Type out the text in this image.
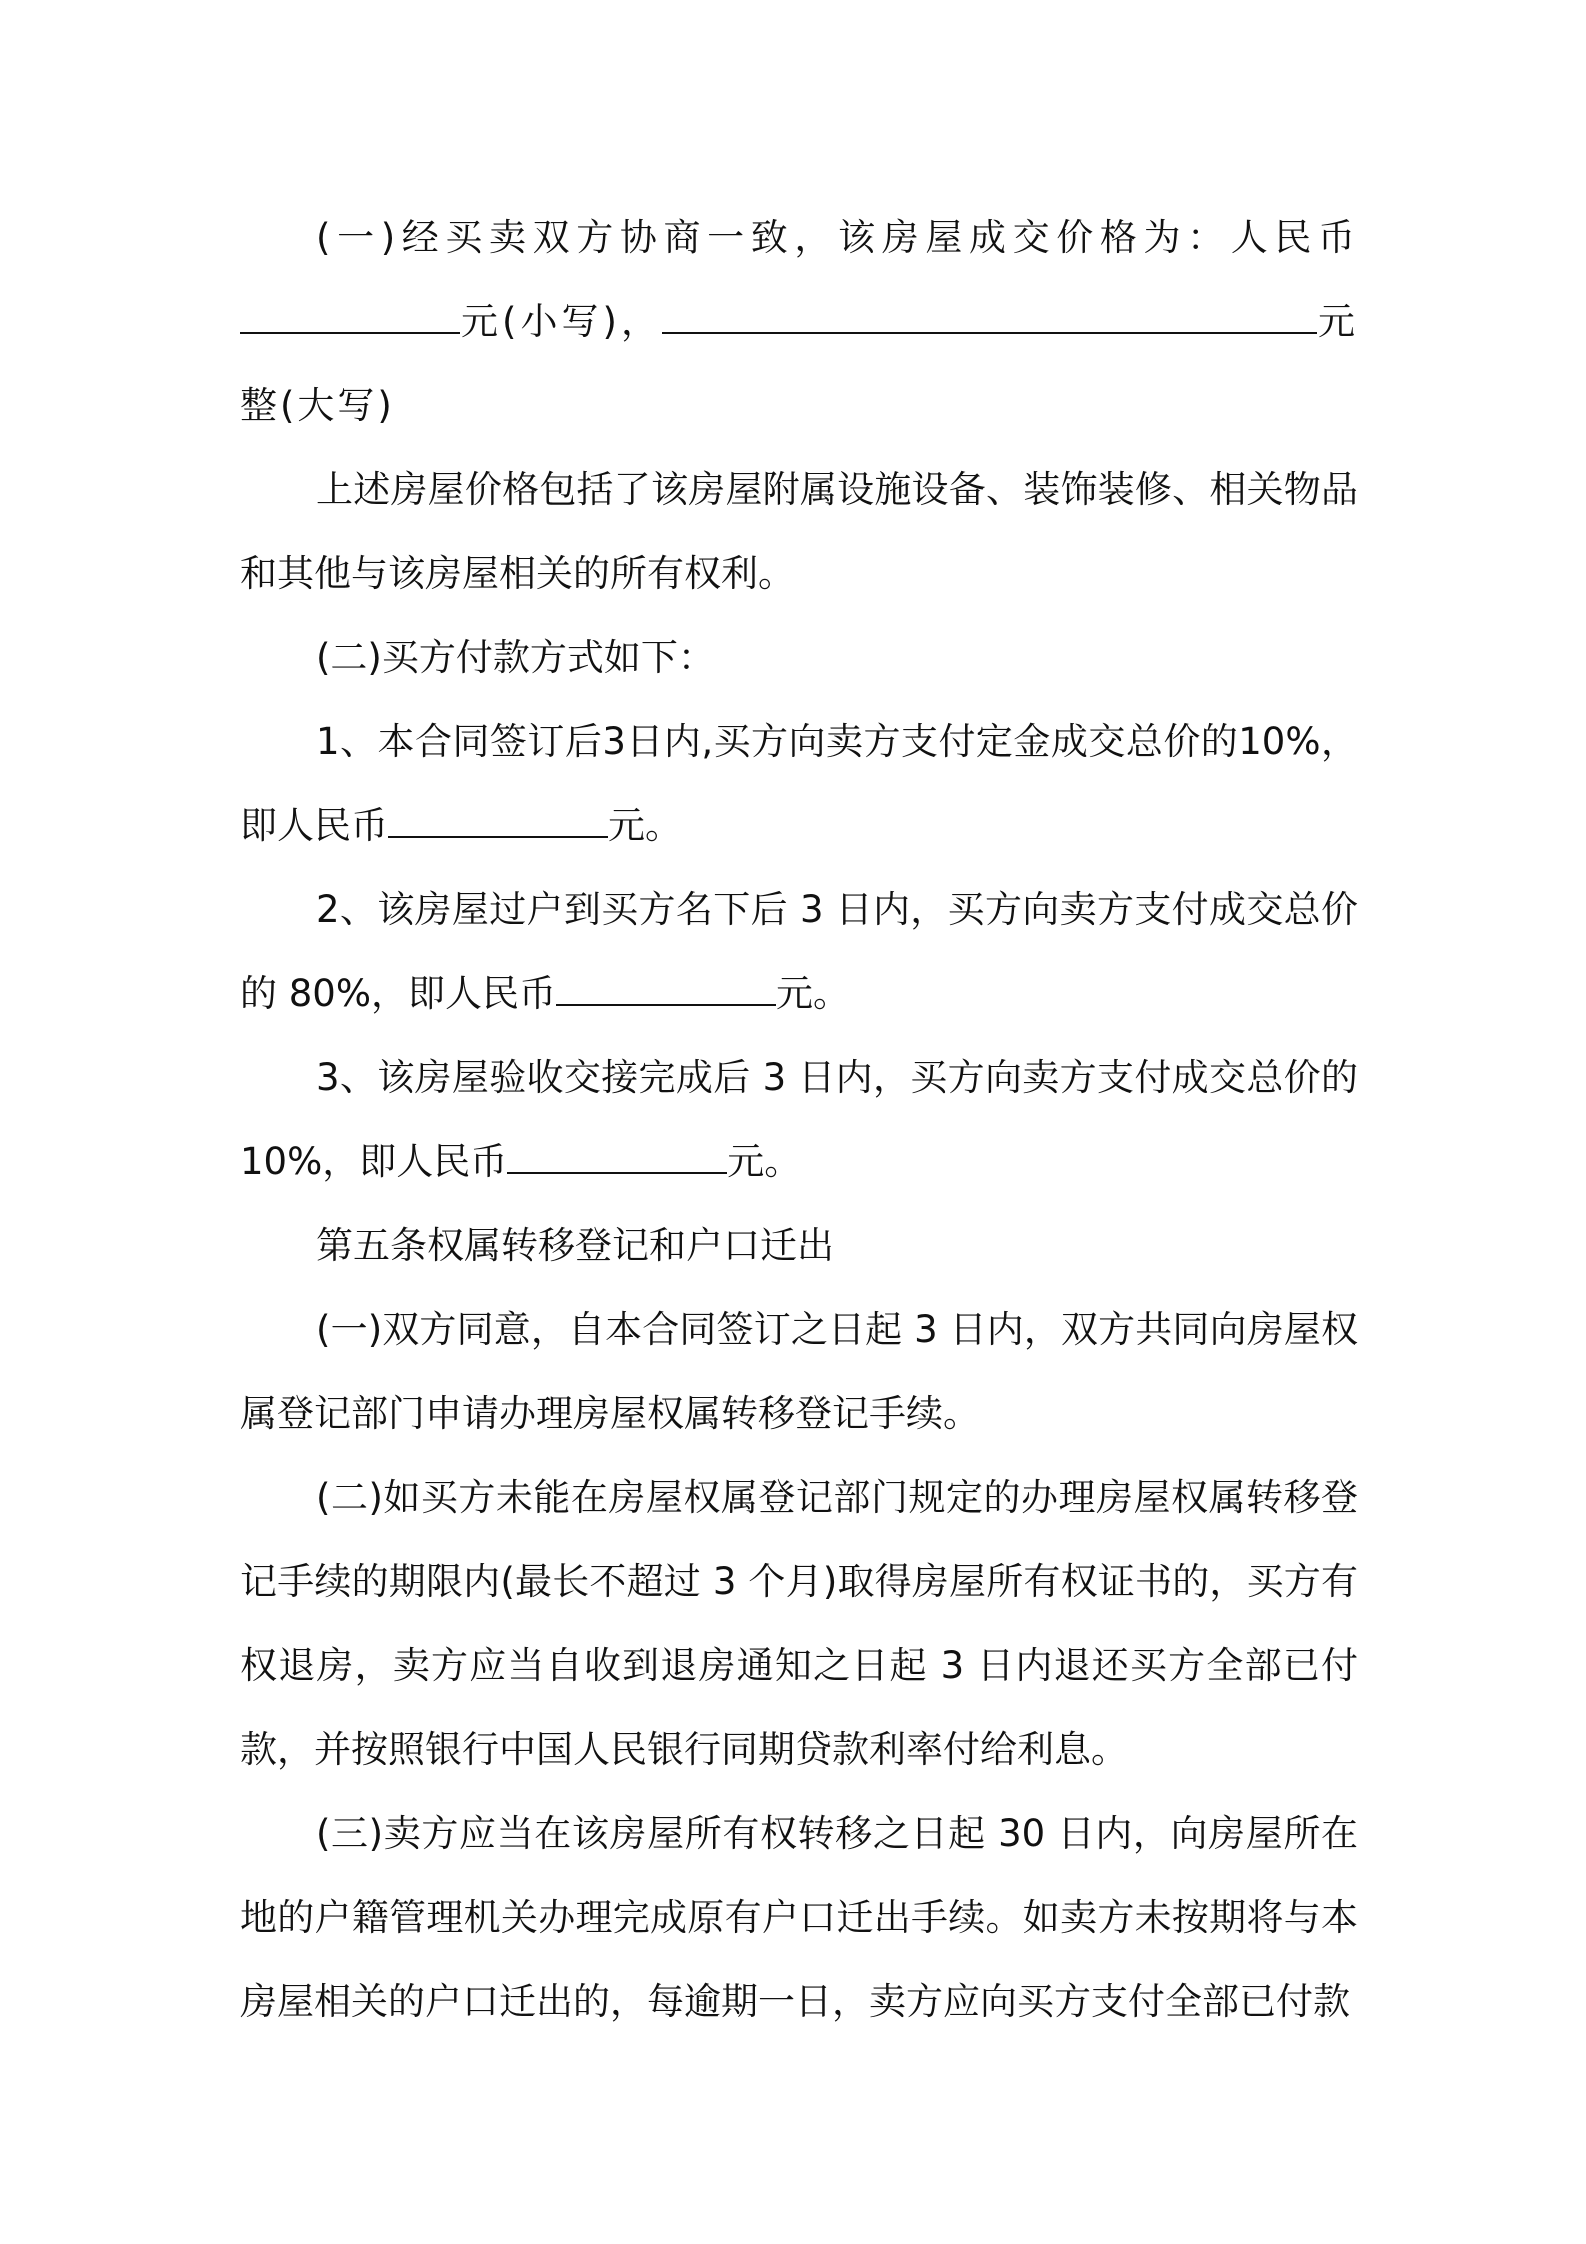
(一)经买卖双方协商一致，该房屋成交价格为：人民币元(小写)，	元整(大写)

上述房屋价格包括了该房屋附属设施设备、装饰装修、相关物品和其他与该房屋相关的所有权利。

(二)买方付款方式如下：

1、本合同签订后3日内,买方向卖方支付定金成交总价的10%，即人民币	元。

2、该房屋过户到买方名下后 3 日内，买方向卖方支付成交总价的 80%，即人民币	元。

3、该房屋验收交接完成后 3 日内，买方向卖方支付成交总价的10%，即人民币	元。

第五条权属转移登记和户口迁出

(一)双方同意，自本合同签订之日起 3 日内，双方共同向房屋权属登记部门申请办理房屋权属转移登记手续。

(二)如买方未能在房屋权属登记部门规定的办理房屋权属转移登记手续的期限内(最长不超过 3 个月)取得房屋所有权证书的，买方有权退房，卖方应当自收到退房通知之日起 3 日内退还买方全部已付款，并按照银行中国人民银行同期贷款利率付给利息。

(三)卖方应当在该房屋所有权转移之日起 30 日内，向房屋所在地的户籍管理机关办理完成原有户口迁出手续。如卖方未按期将与本房屋相关的户口迁出的，每逾期一日，卖方应向买方支付全部已付款
